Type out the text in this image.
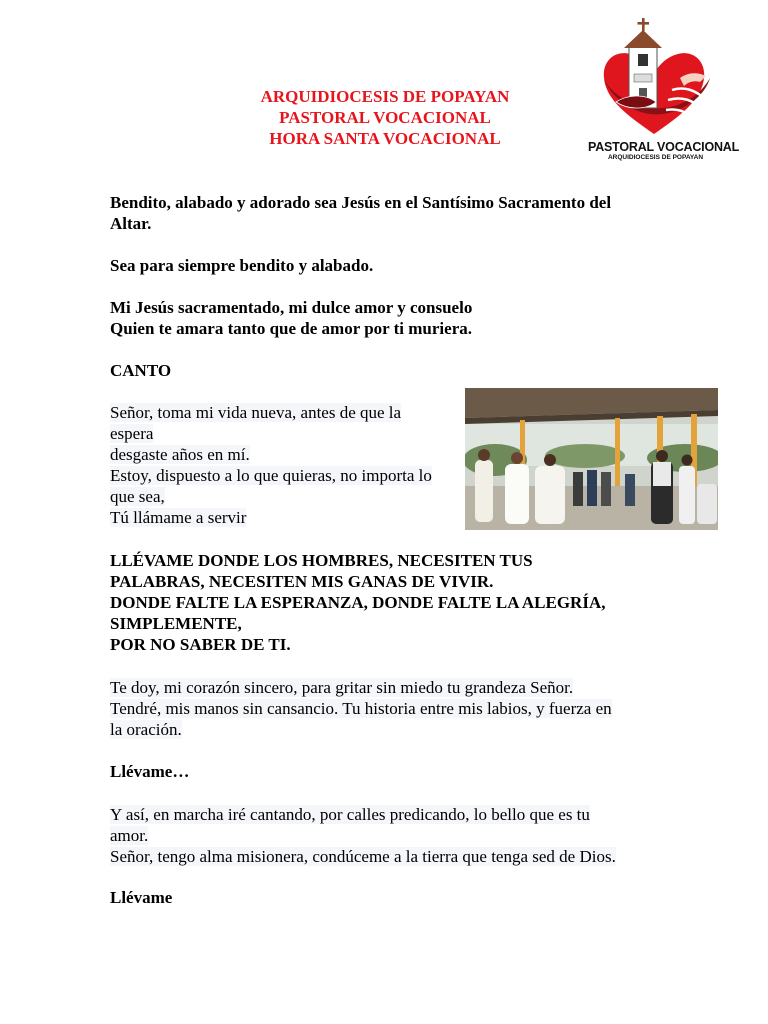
ARQUIDIOCESIS DE POPAYAN
PASTORAL VOCACIONAL
HORA SANTA VOCACIONAL	PASTORAL VOCACIONAL
ARQUIDIOCESIS DE POPAYAN
Bendito, alabado y adorado sea Jesús en el Santísimo Sacramento del
Altar.
Sea para siempre bendito y alabado.
Mi Jesús sacramentado, mi dulce amor y consuelo
Quien te amara tanto que de amor por ti muriera.
CANTO
Señor, toma mi vida nueva, antes de que la
espera
desgaste años en mí.
Estoy, dispuesto a lo que quieras, no importa lo
que sea,
Tú llámame a servir
LLÉVAME DONDE LOS HOMBRES, NECESITEN TUS
PALABRAS, NECESITEN MIS GANAS DE VIVIR.
DONDE FALTE LA ESPERANZA, DONDE FALTE LA ALEGRÍA,
SIMPLEMENTE,
POR NO SABER DE TI.
Te doy, mi corazón sincero, para gritar sin miedo tu grandeza Señor.
Tendré, mis manos sin cansancio. Tu historia entre mis labios, y fuerza en
la oración.
Llévame…
Y así, en marcha iré cantando, por calles predicando, lo bello que es tu
amor.
Señor, tengo alma misionera, condúceme a la tierra que tenga sed de Dios.
Llévame
